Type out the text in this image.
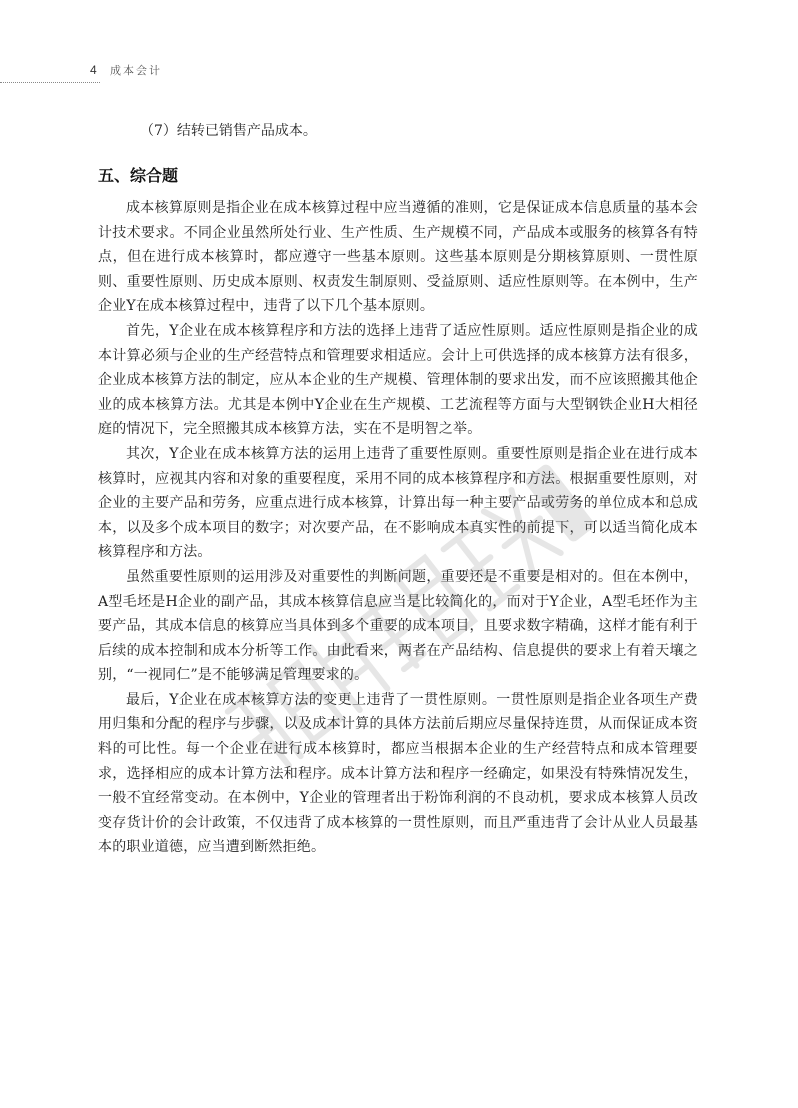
4 成本会计

（7）结转已销售产品成本。

五、综合题

成本核算原则是指企业在成本核算过程中应当遵循的准则，它是保证成本信息质量的基本会计技术要求。不同企业虽然所处行业、生产性质、生产规模不同，产品成本或服务的核算各有特点，但在进行成本核算时，都应遵守一些基本原则。这些基本原则是分期核算原则、一贯性原则、重要性原则、历史成本原则、权责发生制原则、受益原则、适应性原则等。在本例中，生产企业Y在成本核算过程中，违背了以下几个基本原则。

首先，Y企业在成本核算程序和方法的选择上违背了适应性原则。适应性原则是指企业的成本计算必须与企业的生产经营特点和管理要求相适应。会计上可供选择的成本核算方法有很多，企业成本核算方法的制定，应从本企业的生产规模、管理体制的要求出发，而不应该照搬其他企业的成本核算方法。尤其是本例中Y企业在生产规模、工艺流程等方面与大型钢铁企业H大相径庭的情况下，完全照搬其成本核算方法，实在不是明智之举。

其次，Y企业在成本核算方法的运用上违背了重要性原则。重要性原则是指企业在进行成本核算时，应视其内容和对象的重要程度，采用不同的成本核算程序和方法。根据重要性原则，对企业的主要产品和劳务，应重点进行成本核算，计算出每一种主要产品或劳务的单位成本和总成本，以及多个成本项目的数字；对次要产品，在不影响成本真实性的前提下，可以适当简化成本核算程序和方法。

虽然重要性原则的运用涉及对重要性的判断问题，重要还是不重要是相对的。但在本例中，A型毛坯是H企业的副产品，其成本核算信息应当是比较简化的，而对于Y企业，A型毛坯作为主要产品，其成本信息的核算应当具体到多个重要的成本项目，且要求数字精确，这样才能有利于后续的成本控制和成本分析等工作。由此看来，两者在产品结构、信息提供的要求上有着天壤之别，“一视同仁”是不能够满足管理要求的。

最后，Y企业在成本核算方法的变更上违背了一贯性原则。一贯性原则是指企业各项生产费用归集和分配的程序与步骤，以及成本计算的具体方法前后期应尽量保持连贯，从而保证成本资料的可比性。每一个企业在进行成本核算时，都应当根据本企业的生产经营特点和成本管理要求，选择相应的成本计算方法和程序。成本计算方法和程序一经确定，如果没有特殊情况发生，一般不宜经常变动。在本例中，Y企业的管理者出于粉饰利润的不良动机，要求成本核算人员改变存货计价的会计政策，不仅违背了成本核算的一贯性原则，而且严重违背了会计从业人员最基本的职业道德，应当遭到断然拒绝。
